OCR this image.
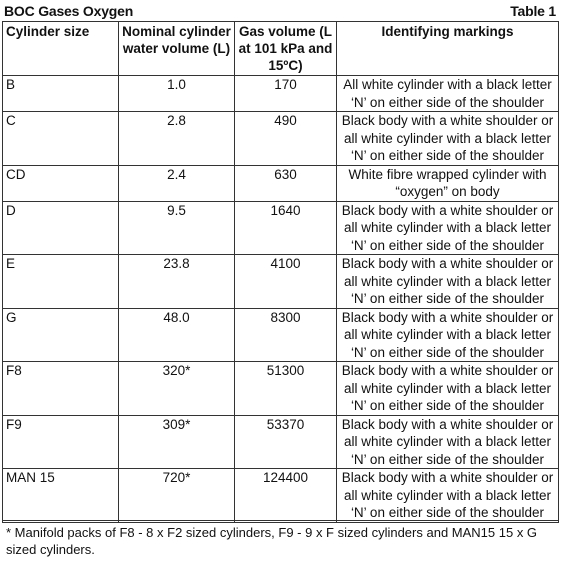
BOC Gases Oxygen	Table 1
Cylinder size	Nominal cylinder water volume (L)	Gas volume (L at 101 kPa and 15ºC)	Identifying markings
B	1.0	170	All white cylinder with a black letter ‘N’ on either side of the shoulder
C	2.8	490	Black body with a white shoulder or all white cylinder with a black letter ‘N’ on either side of the shoulder
CD	2.4	630	White fibre wrapped cylinder with “oxygen” on body
D	9.5	1640	Black body with a white shoulder or all white cylinder with a black letter ‘N’ on either side of the shoulder
E	23.8	4100	Black body with a white shoulder or all white cylinder with a black letter ‘N’ on either side of the shoulder
G	48.0	8300	Black body with a white shoulder or all white cylinder with a black letter ‘N’ on either side of the shoulder
F8	320*	51300	Black body with a white shoulder or all white cylinder with a black letter ‘N’ on either side of the shoulder
F9	309*	53370	Black body with a white shoulder or all white cylinder with a black letter ‘N’ on either side of the shoulder
MAN 15	720*	124400	Black body with a white shoulder or all white cylinder with a black letter ‘N’ on either side of the shoulder
* Manifold packs of F8 - 8 x F2 sized cylinders, F9 - 9 x F sized cylinders and MAN15 15 x G sized cylinders.
